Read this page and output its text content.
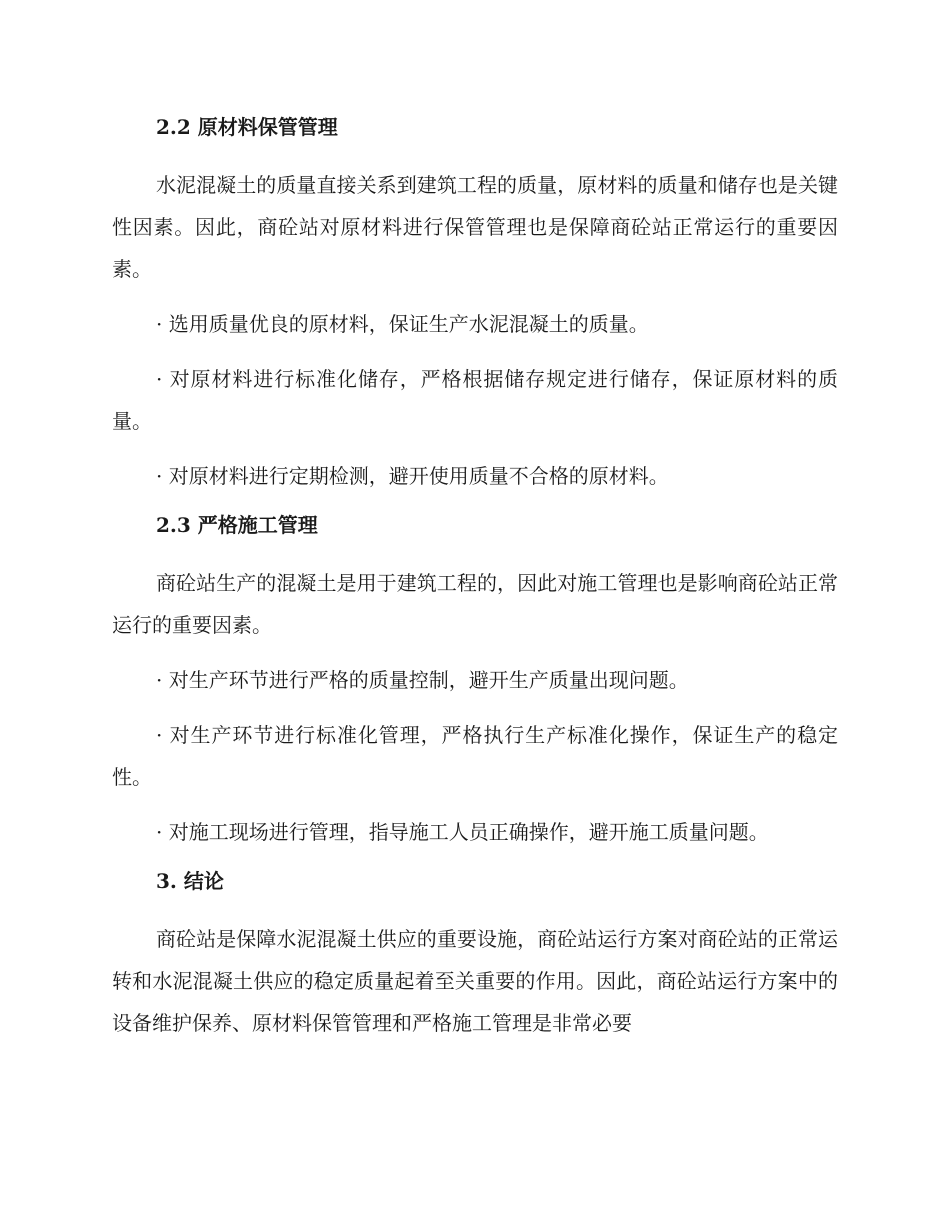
2.2 原材料保管管理

水泥混凝土的质量直接关系到建筑工程的质量，原材料的质量和储存也是关键性因素。因此，商砼站对原材料进行保管管理也是保障商砼站正常运行的重要因素。

· 选用质量优良的原材料，保证生产水泥混凝土的质量。

· 对原材料进行标准化储存，严格根据储存规定进行储存，保证原材料的质量。

· 对原材料进行定期检测，避开使用质量不合格的原材料。

2.3 严格施工管理

商砼站生产的混凝土是用于建筑工程的，因此对施工管理也是影响商砼站正常运行的重要因素。

· 对生产环节进行严格的质量控制，避开生产质量出现问题。

· 对生产环节进行标准化管理，严格执行生产标准化操作，保证生产的稳定性。

· 对施工现场进行管理，指导施工人员正确操作，避开施工质量问题。

3. 结论

商砼站是保障水泥混凝土供应的重要设施，商砼站运行方案对商砼站的正常运转和水泥混凝土供应的稳定质量起着至关重要的作用。因此，商砼站运行方案中的设备维护保养、原材料保管管理和严格施工管理是非常必要
